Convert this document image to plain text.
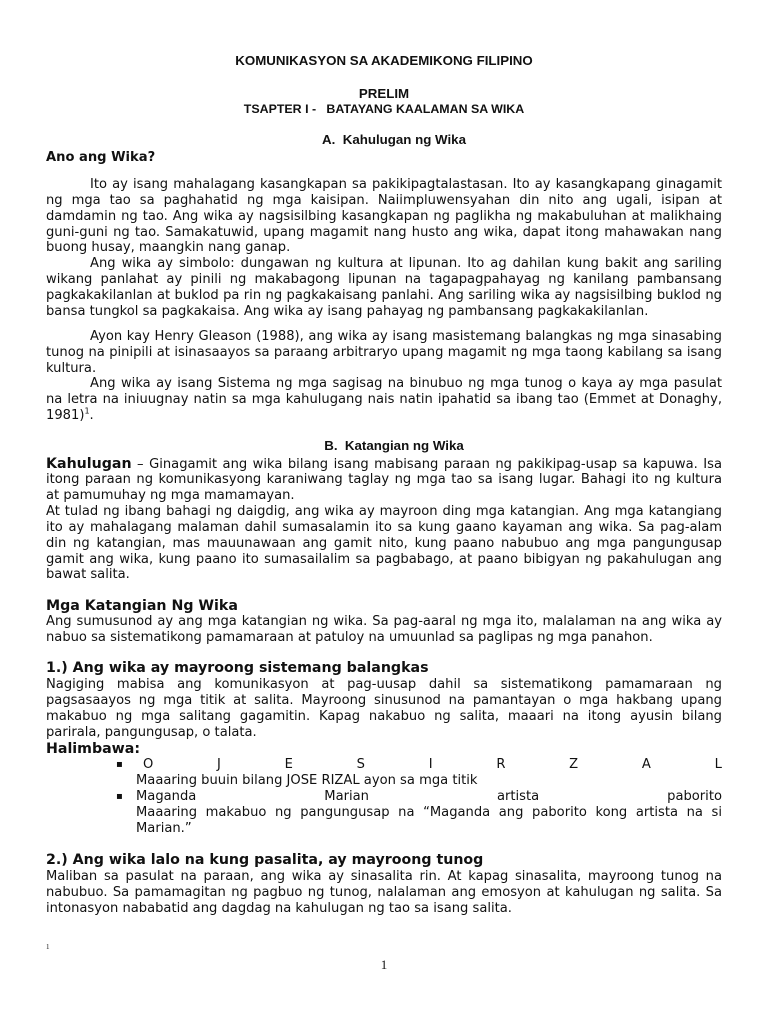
KOMUNIKASYON SA AKADEMIKONG FILIPINO
PRELIM
TSAPTER I -   BATAYANG KAALAMAN SA WIKA
A.  Kahulugan ng Wika
Ano ang Wika?
Ito ay isang mahalagang kasangkapan sa pakikipagtalastasan. Ito ay kasangkapang ginagamit
ng mga tao sa paghahatid ng mga kaisipan. Naiimpluwensyahan din nito ang ugali, isipan at
damdamin ng tao. Ang wika ay nagsisilbing kasangkapan ng paglikha ng makabuluhan at malikhaing
guni-guni ng tao. Samakatuwid, upang magamit nang husto ang wika, dapat itong mahawakan nang
buong husay, maangkin nang ganap.
Ang wika ay simbolo: dungawan ng kultura at lipunan. Ito ag dahilan kung bakit ang sariling
wikang panlahat ay pinili ng makabagong lipunan na tagapagpahayag ng kanilang pambansang
pagkakakilanlan at buklod pa rin ng pagkakaisang panlahi. Ang sariling wika ay nagsisilbing buklod ng
bansa tungkol sa pagkakaisa. Ang wika ay isang pahayag ng pambansang pagkakakilanlan.
Ayon kay Henry Gleason (1988), ang wika ay isang masistemang balangkas ng mga sinasabing
tunog na pinipili at isinasaayos sa paraang arbitraryo upang magamit ng mga taong kabilang sa isang
kultura.
Ang wika ay isang Sistema ng mga sagisag na binubuo ng mga tunog o kaya ay mga pasulat
na letra na iniuugnay natin sa mga kahulugang nais natin ipahatid sa ibang tao (Emmet at Donaghy,
1981)$^1$.
B.  Katangian ng Wika
Kahulugan – Ginagamit ang wika bilang isang mabisang paraan ng pakikipag-usap sa kapuwa. Isa
itong paraan ng komunikasyong karaniwang taglay ng mga tao sa isang lugar. Bahagi ito ng kultura
at pamumuhay ng mga mamamayan.
At tulad ng ibang bahagi ng daigdig, ang wika ay mayroon ding mga katangian. Ang mga katangiang
ito ay mahalagang malaman dahil sumasalamin ito sa kung gaano kayaman ang wika. Sa pag-alam
din ng katangian, mas mauunawaan ang gamit nito, kung paano nabubuo ang mga pangungusap
gamit ang wika, kung paano ito sumasailalim sa pagbabago, at paano bibigyan ng pakahulugan ang
bawat salita.
Mga Katangian Ng Wika
Ang sumusunod ay ang mga katangian ng wika. Sa pag-aaral ng mga ito, malalaman na ang wika ay
nabuo sa sistematikong pamamaraan at patuloy na umuunlad sa paglipas ng mga panahon.
1.) Ang wika ay mayroong sistemang balangkas
Nagiging mabisa ang komunikasyon at pag-uusap dahil sa sistematikong pamamaraan ng
pagsasaayos ng mga titik at salita. Mayroong sinusunod na pamantayan o mga hakbang upang
makabuo ng mga salitang gagamitin. Kapag nakabuo ng salita, maaari na itong ayusin bilang
parirala, pangungusap, o talata.
Halimbawa:
▪ O	J	E	S	I	R	Z	A	L
Maaaring buuin bilang JOSE RIZAL ayon sa mga titik
▪ Maganda	Marian	artista	paborito
Maaaring makabuo ng pangungusap na “Maganda ang paborito kong artista na si
Marian.”
2.) Ang wika lalo na kung pasalita, ay mayroong tunog
Maliban sa pasulat na paraan, ang wika ay sinasalita rin. At kapag sinasalita, mayroong tunog na
nabubuo. Sa pamamagitan ng pagbuo ng tunog, nalalaman ang emosyon at kahulugan ng salita. Sa
intonasyon nababatid ang dagdag na kahulugan ng tao sa isang salita.
1
1
